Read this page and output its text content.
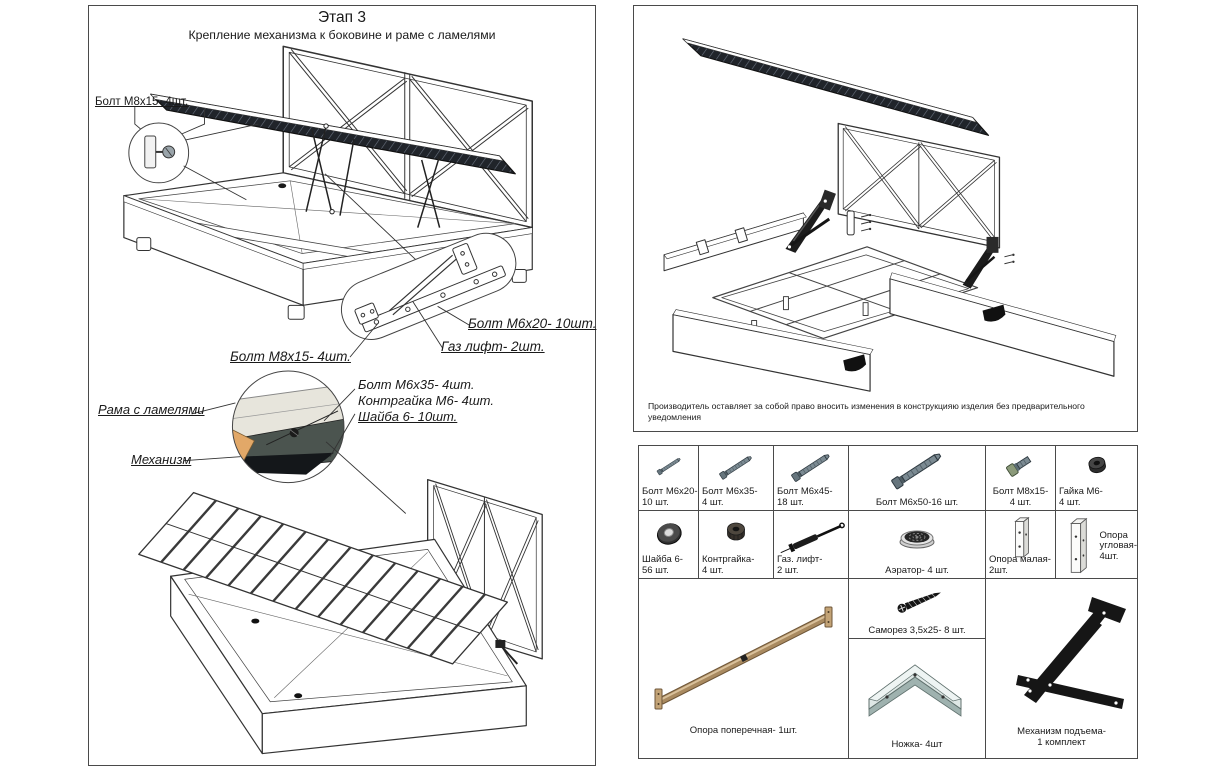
Этап 3
Крепление механизма к боковине и раме с ламелями
Болт М8х15- 4шт.
Болт М6х20- 10шт.
Газ лифт- 2шт.
Болт М8х15- 4шт.
Болт М6х35- 4шт.
Контргайка М6- 4шт.
Шайба 6- 10шт.
Рама с ламелями
Механизм
Производитель оставляет за собой право вносить изменения в конструкцияю изделия без предварительного уведомления
Болт М6х20-
10 шт.
Болт М6х35-
4 шт.
Болт М6х45-
18 шт.	Болт М6х50-16 шт.
Болт М8х15-
4 шт.
Гайка М6-
4 шт.
Шайба 6-
56 шт.
Контргайка-
4 шт.
Газ. лифт-
2 шт.	Аэратор- 4 шт.
Опора малая-
2шт.
Опора
угловая-
4шт.
Опора поперечная- 1шт.
Саморез 3,5х25- 8 шт.
Ножка- 4шт
Механизм подъема-
1 комплект
